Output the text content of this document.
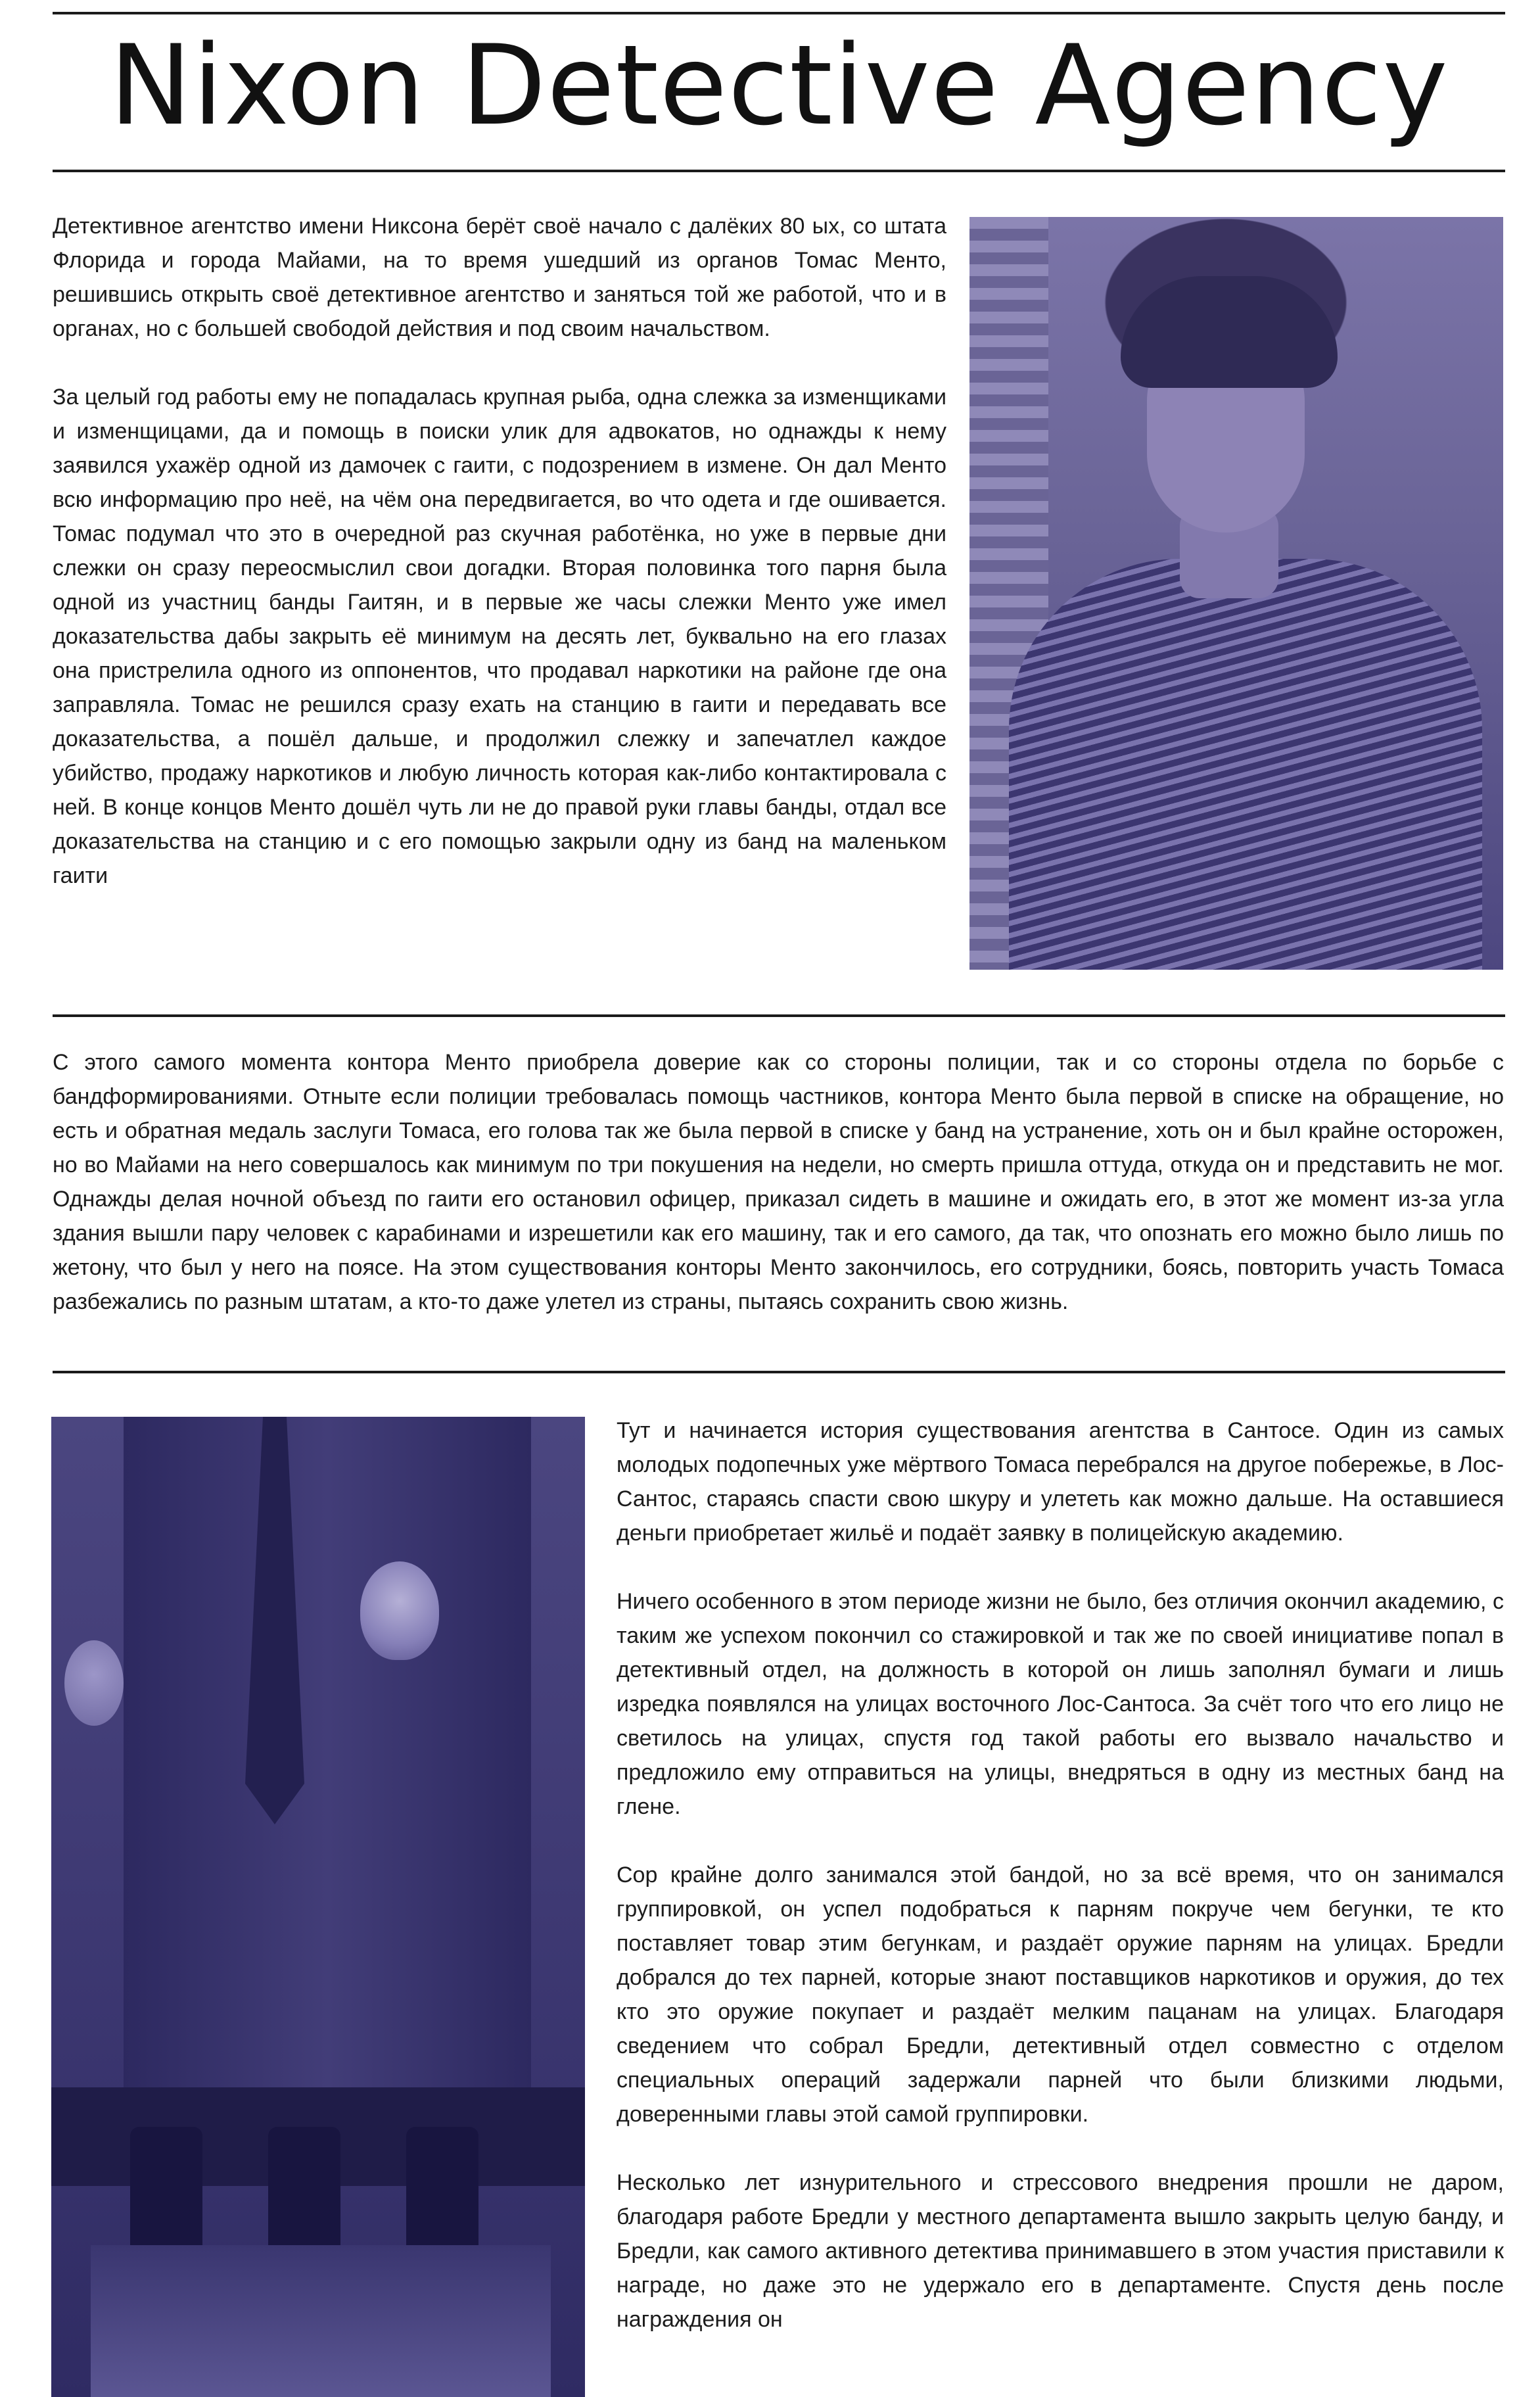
Nixon Detective Agency

Детективное агентство имени Никсона берёт своё начало с далёких 80 ых, со штата Флорида и города Майами, на то время ушедший из органов Томас Менто, решившись открыть своё детективное агентство и заняться той же работой, что и в органах, но с большей свободой действия и под своим начальством.

За целый год работы ему не попадалась крупная рыба, одна слежка за изменщиками и изменщицами, да и помощь в поиски улик для адвокатов, но однажды к нему заявился ухажёр одной из дамочек с гаити, с подозрением в измене. Он дал Менто всю информацию про неё, на чём она передвигается, во что одета и где ошивается. Томас подумал что это в очередной раз скучная работёнка, но уже в первые дни слежки он сразу переосмыслил свои догадки. Вторая половинка того парня была одной из участниц банды Гаитян, и в первые же часы слежки Менто уже имел доказательства дабы закрыть её минимум на десять лет, буквально на его глазах она пристрелила одного из оппонентов, что продавал наркотики на районе где она заправляла. Томас не решился сразу ехать на станцию в гаити и передавать все доказательства, а пошёл дальше, и продолжил слежку и запечатлел каждое убийство, продажу наркотиков и любую личность которая как-либо контактировала с ней. В конце концов Менто дошёл чуть ли не до правой руки главы банды, отдал все доказательства на станцию и с его помощью закрыли одну из банд на маленьком гаити

С этого самого момента контора Менто приобрела доверие как со стороны полиции, так и со стороны отдела по борьбе с бандформированиями. Отныте если полиции требовалась помощь частников, контора Менто была первой в списке на обращение, но есть и обратная медаль заслуги Томаса, его голова так же была первой в списке у банд на устранение, хоть он и был крайне осторожен, но во Майами на него совершалось как минимум по три покушения на недели, но смерть пришла оттуда, откуда он и представить не мог. Однажды делая ночной объезд по гаити его остановил офицер, приказал сидеть в машине и ожидать его, в этот же момент из-за угла здания вышли пару человек с карабинами и изрешетили как его машину, так и его самого, да так, что опознать его можно было лишь по жетону, что был у него на поясе. На этом существования конторы Менто закончилось, его сотрудники, боясь, повторить участь Томаса разбежались по разным штатам, а кто-то даже улетел из страны, пытаясь сохранить свою жизнь.

Тут и начинается история существования агентства в Сантосе. Один из самых молодых подопечных уже мёртвого Томаса перебрался на другое побережье, в Лос-Сантос, стараясь спасти свою шкуру и улететь как можно дальше. На оставшиеся деньги приобретает жильё и подаёт заявку в полицейскую академию.

Ничего особенного в этом периоде жизни не было, без отличия окончил академию, с таким же успехом покончил со стажировкой и так же по своей инициативе попал в детективный отдел, на должность в которой он лишь заполнял бумаги и лишь изредка появлялся на улицах восточного Лос-Сантоса. За счёт того что его лицо не светилось на улицах, спустя год такой работы его вызвало начальство и предложило ему отправиться на улицы, внедряться в одну из местных банд на глене.

Сор крайне долго занимался этой бандой, но за всё время, что он занимался группировкой, он успел подобраться к парням покруче чем бегунки, те кто поставляет товар этим бегункам, и раздаёт оружие парням на улицах. Бредли добрался до тех парней, которые знают поставщиков наркотиков и оружия, до тех кто это оружие покупает и раздаёт мелким пацанам на улицах. Благодаря сведением что собрал Бредли, детективный отдел совместно с отделом специальных операций задержали парней что были близкими людьми, доверенными главы этой самой группировки.

Несколько лет изнурительного и стрессового внедрения прошли не даром, благодаря работе Бредли у местного департамента вышло закрыть целую банду, и Бредли, как самого активного детектива принимавшего в этом участия приставили к награде, но даже это не удержало его в департаменте. Спустя день после награждения он
